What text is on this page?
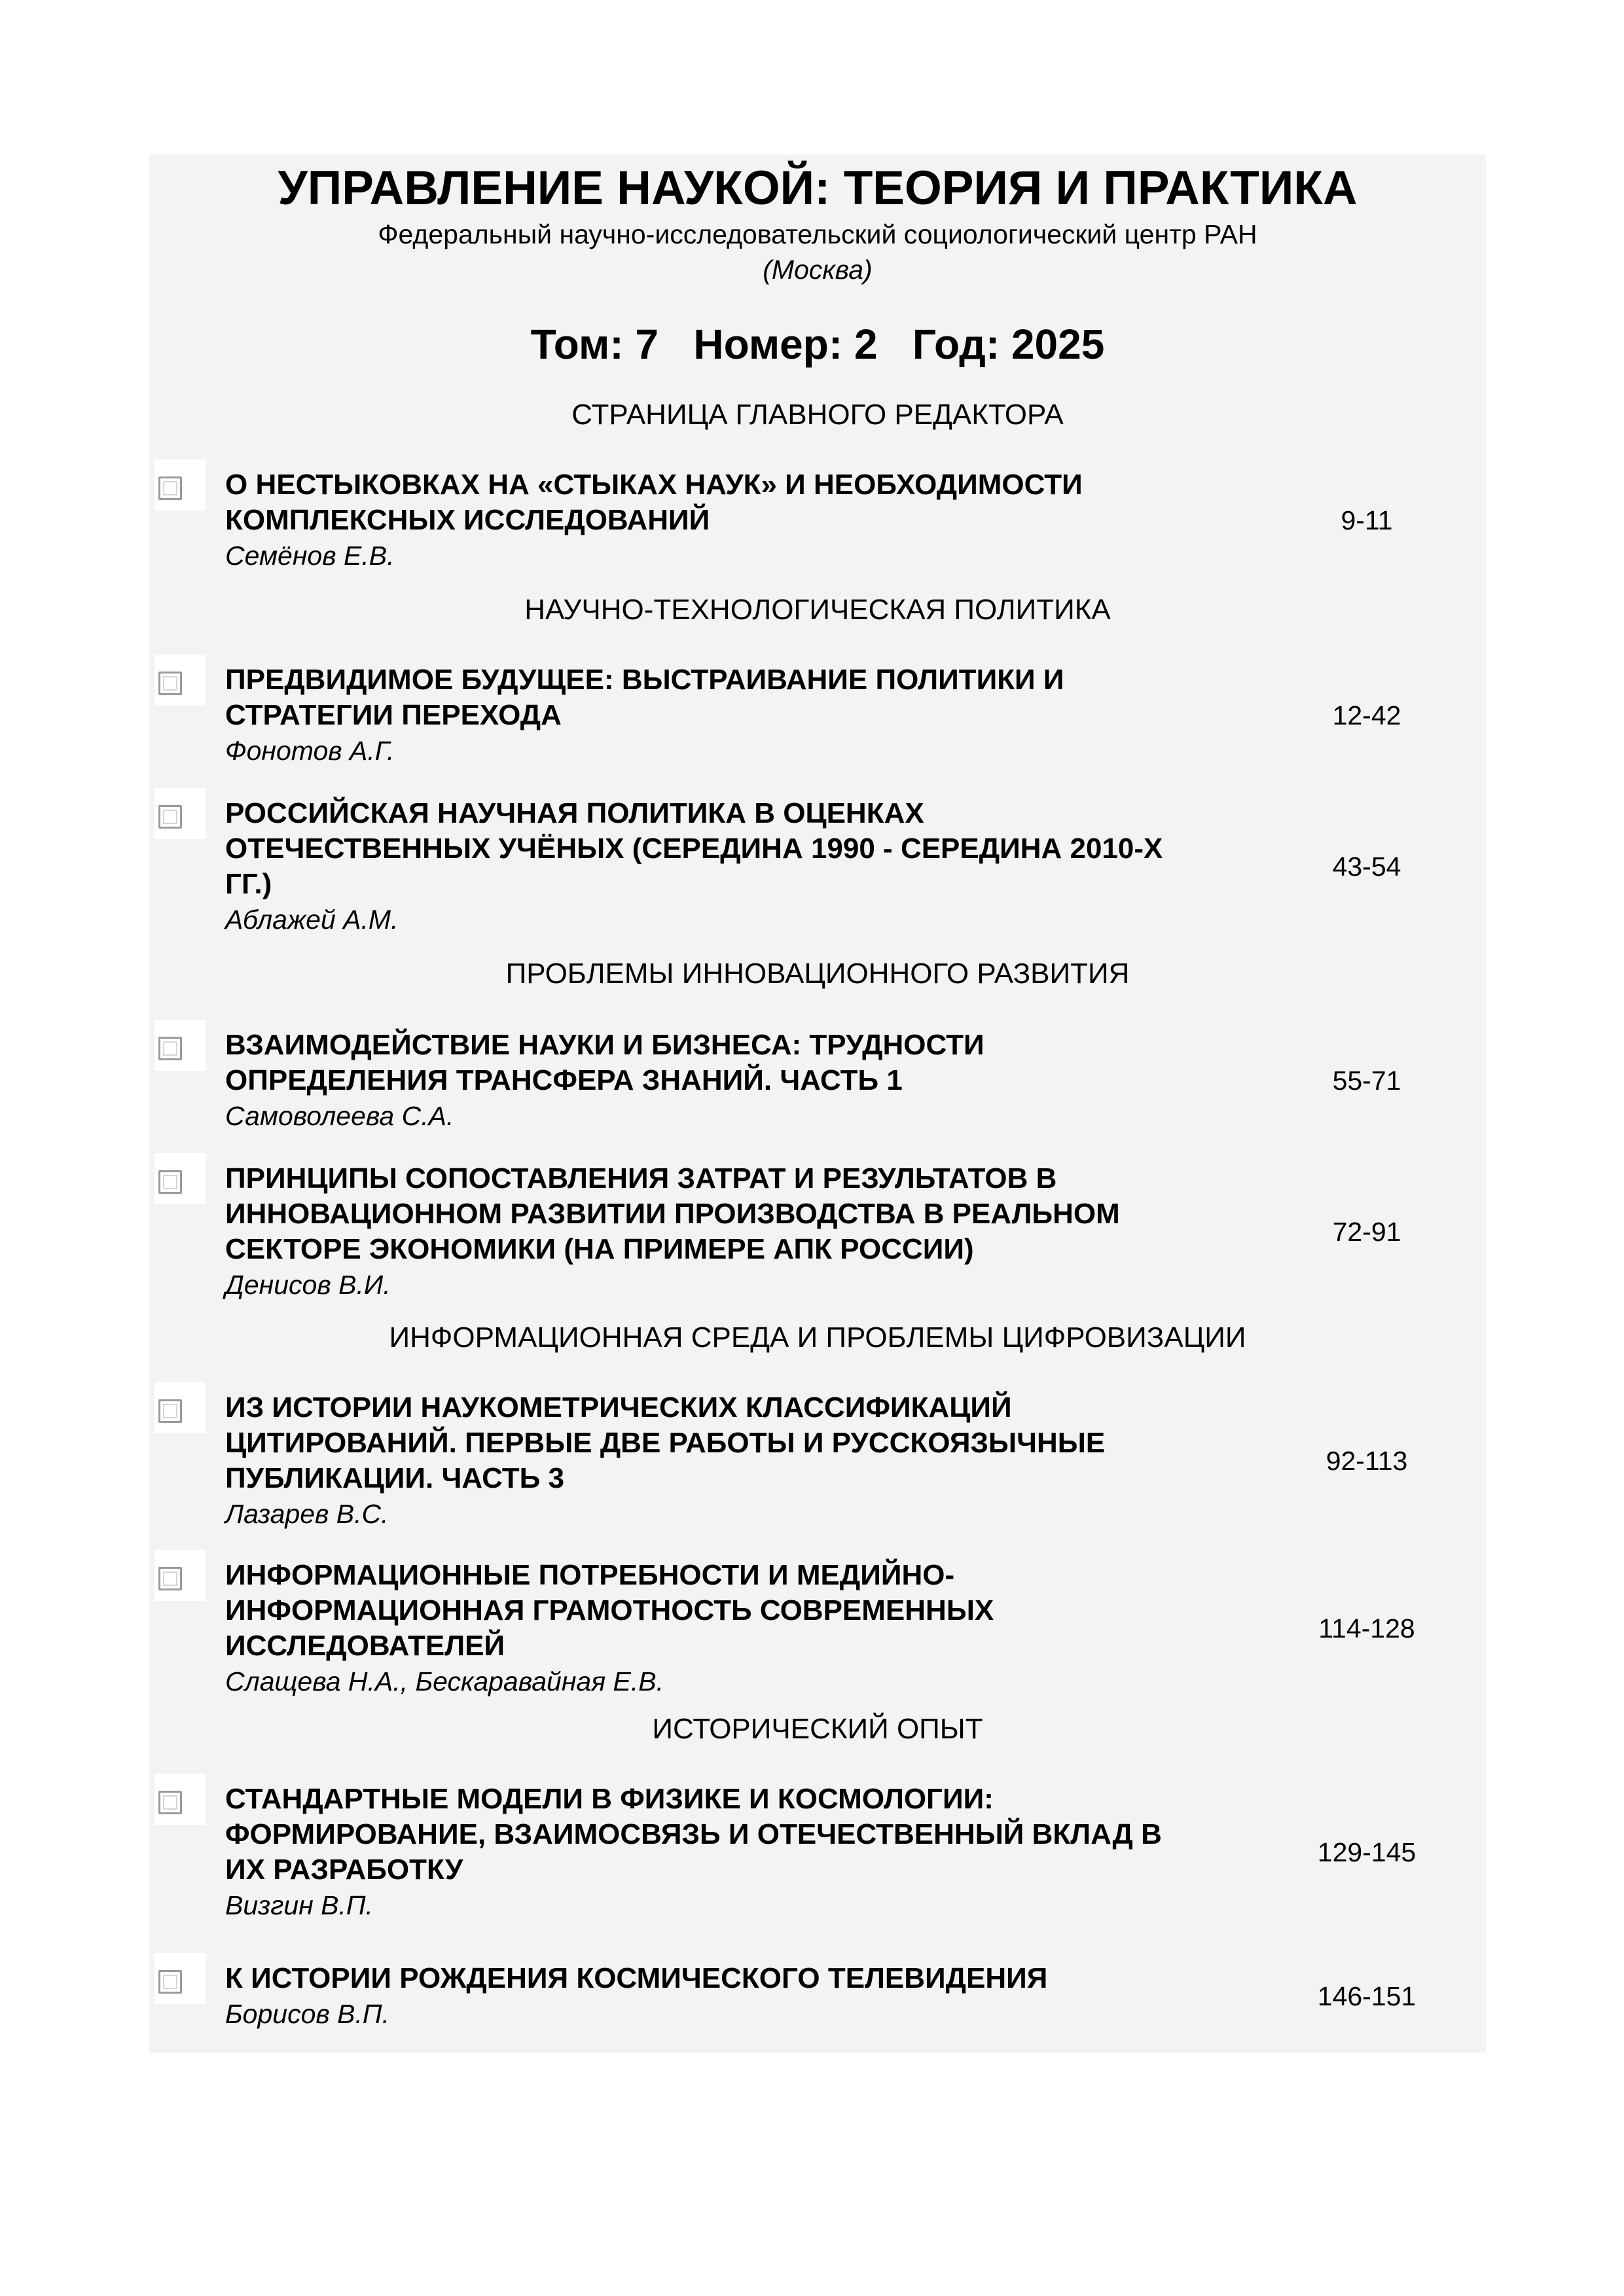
УПРАВЛЕНИЕ НАУКОЙ: ТЕОРИЯ И ПРАКТИКА
Федеральный научно-исследовательский социологический центр РАН
(Москва)
Том: 7   Номер: 2   Год: 2025
СТРАНИЦА ГЛАВНОГО РЕДАКТОРА
О НЕСТЫКОВКАХ НА «СТЫКАХ НАУК» И НЕОБХОДИМОСТИ
КОМПЛЕКСНЫХ ИССЛЕДОВАНИЙ
Семёнов Е.В.
9-11
НАУЧНО-ТЕХНОЛОГИЧЕСКАЯ ПОЛИТИКА
ПРЕДВИДИМОЕ БУДУЩЕЕ: ВЫСТРАИВАНИЕ ПОЛИТИКИ И
СТРАТЕГИИ ПЕРЕХОДА
Фонотов А.Г.
12-42
РОССИЙСКАЯ НАУЧНАЯ ПОЛИТИКА В ОЦЕНКАХ
ОТЕЧЕСТВЕННЫХ УЧЁНЫХ (СЕРЕДИНА 1990 - СЕРЕДИНА 2010-Х
ГГ.)
Аблажей А.М.
43-54
ПРОБЛЕМЫ ИННОВАЦИОННОГО РАЗВИТИЯ
ВЗАИМОДЕЙСТВИЕ НАУКИ И БИЗНЕСА: ТРУДНОСТИ
ОПРЕДЕЛЕНИЯ ТРАНСФЕРА ЗНАНИЙ. ЧАСТЬ 1
Самоволеева С.А.
55-71
ПРИНЦИПЫ СОПОСТАВЛЕНИЯ ЗАТРАТ И РЕЗУЛЬТАТОВ В
ИННОВАЦИОННОМ РАЗВИТИИ ПРОИЗВОДСТВА В РЕАЛЬНОМ
СЕКТОРЕ ЭКОНОМИКИ (НА ПРИМЕРЕ АПК РОССИИ)
Денисов В.И.
72-91
ИНФОРМАЦИОННАЯ СРЕДА И ПРОБЛЕМЫ ЦИФРОВИЗАЦИИ
ИЗ ИСТОРИИ НАУКОМЕТРИЧЕСКИХ КЛАССИФИКАЦИЙ
ЦИТИРОВАНИЙ. ПЕРВЫЕ ДВЕ РАБОТЫ И РУССКОЯЗЫЧНЫЕ
ПУБЛИКАЦИИ. ЧАСТЬ 3
Лазарев В.С.
92-113
ИНФОРМАЦИОННЫЕ ПОТРЕБНОСТИ И МЕДИЙНО-
ИНФОРМАЦИОННАЯ ГРАМОТНОСТЬ СОВРЕМЕННЫХ
ИССЛЕДОВАТЕЛЕЙ
Слащева Н.А., Бескаравайная Е.В.
114-128
ИСТОРИЧЕСКИЙ ОПЫТ
СТАНДАРТНЫЕ МОДЕЛИ В ФИЗИКЕ И КОСМОЛОГИИ:
ФОРМИРОВАНИЕ, ВЗАИМОСВЯЗЬ И ОТЕЧЕСТВЕННЫЙ ВКЛАД В
ИХ РАЗРАБОТКУ
Визгин В.П.
129-145
К ИСТОРИИ РОЖДЕНИЯ КОСМИЧЕСКОГО ТЕЛЕВИДЕНИЯ
Борисов В.П.
146-151
